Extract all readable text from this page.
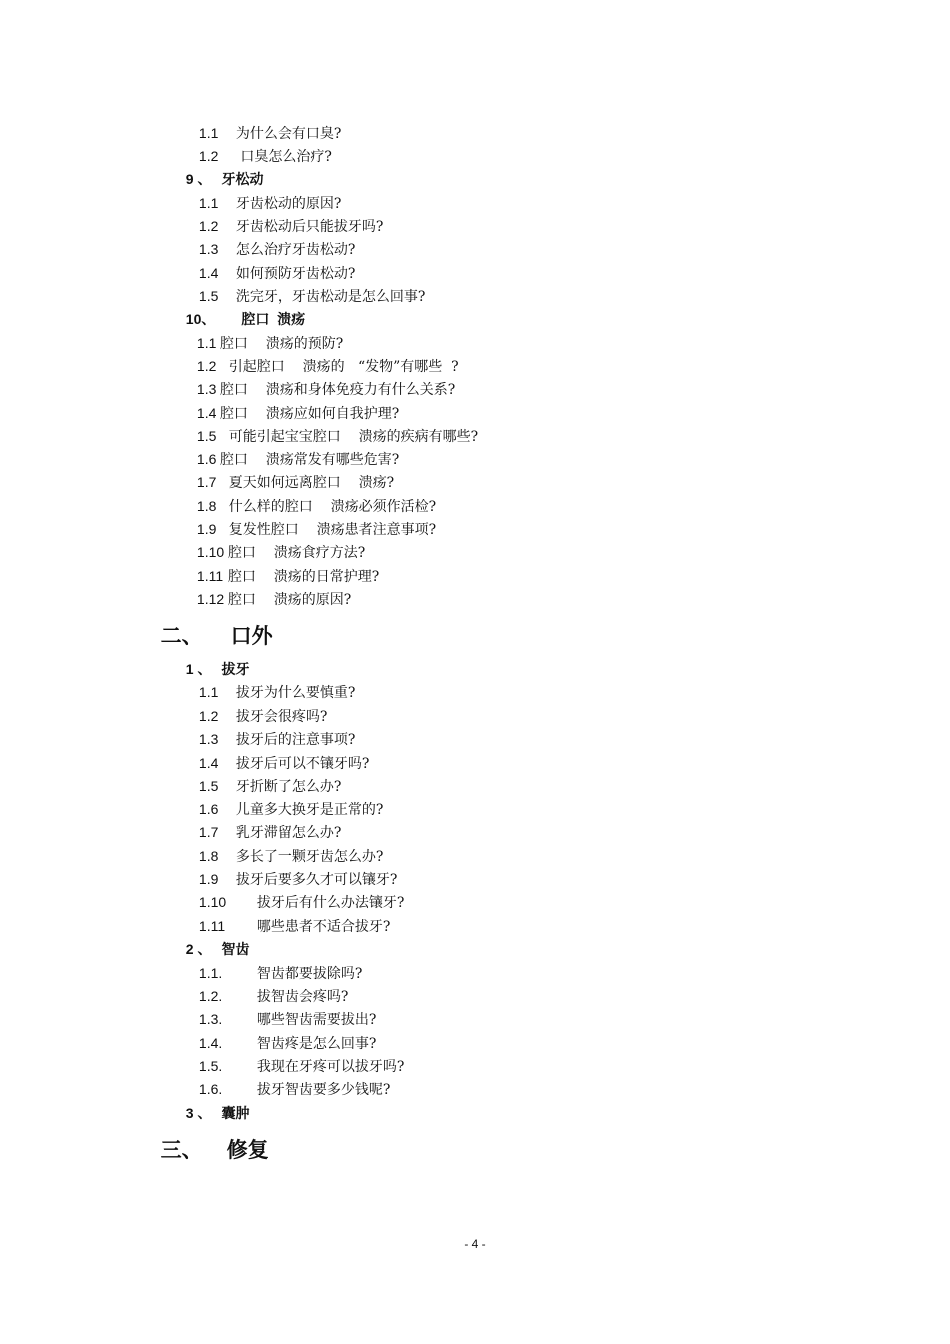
1.1 为什么会有口臭?

1.2 口臭怎么治疗?

9 、 牙松动

1.1 牙齿松动的原因?

1.2 牙齿松动后只能拔牙吗?

1.3 怎么治疗牙齿松动?

1.4 如何预防牙齿松动?

1.5 洗完牙，牙齿松动是怎么回事?

10、 腔口  溃疡

1.1 腔口    溃疡的预防?

1.2  引起腔口    溃疡的   “发物”有哪些  ?

1.3 腔口    溃疡和身体免疫力有什么关系?

1.4 腔口    溃疡应如何自我护理?

1.5  可能引起宝宝腔口    溃疡的疾病有哪些?

1.6 腔口    溃疡常发有哪些危害?

1.7  夏天如何远离腔口    溃疡?

1.8  什么样的腔口    溃疡必须作活检?

1.9  复发性腔口    溃疡患者注意事项?

1.10 腔口    溃疡食疗方法?

1.11 腔口    溃疡的日常护理?

1.12 腔口    溃疡的原因?

二、 口外

1 、 拔牙

1.1 拔牙为什么要慎重?

1.2 拔牙会很疼吗?

1.3 拔牙后的注意事项?

1.4 拔牙后可以不镶牙吗?

1.5 牙折断了怎么办?

1.6 儿童多大换牙是正常的?

1.7 乳牙滞留怎么办?

1.8 多长了一颗牙齿怎么办?

1.9 拔牙后要多久才可以镶牙?

1.10 拔牙后有什么办法镶牙?

1.11 哪些患者不适合拔牙?

2 、 智齿

1.1. 智齿都要拔除吗?

1.2. 拔智齿会疼吗?

1.3. 哪些智齿需要拔出?

1.4. 智齿疼是怎么回事?

1.5. 我现在牙疼可以拔牙吗?

1.6. 拔牙智齿要多少钱呢?

3 、 囊肿

三、 修复

- 4 -
